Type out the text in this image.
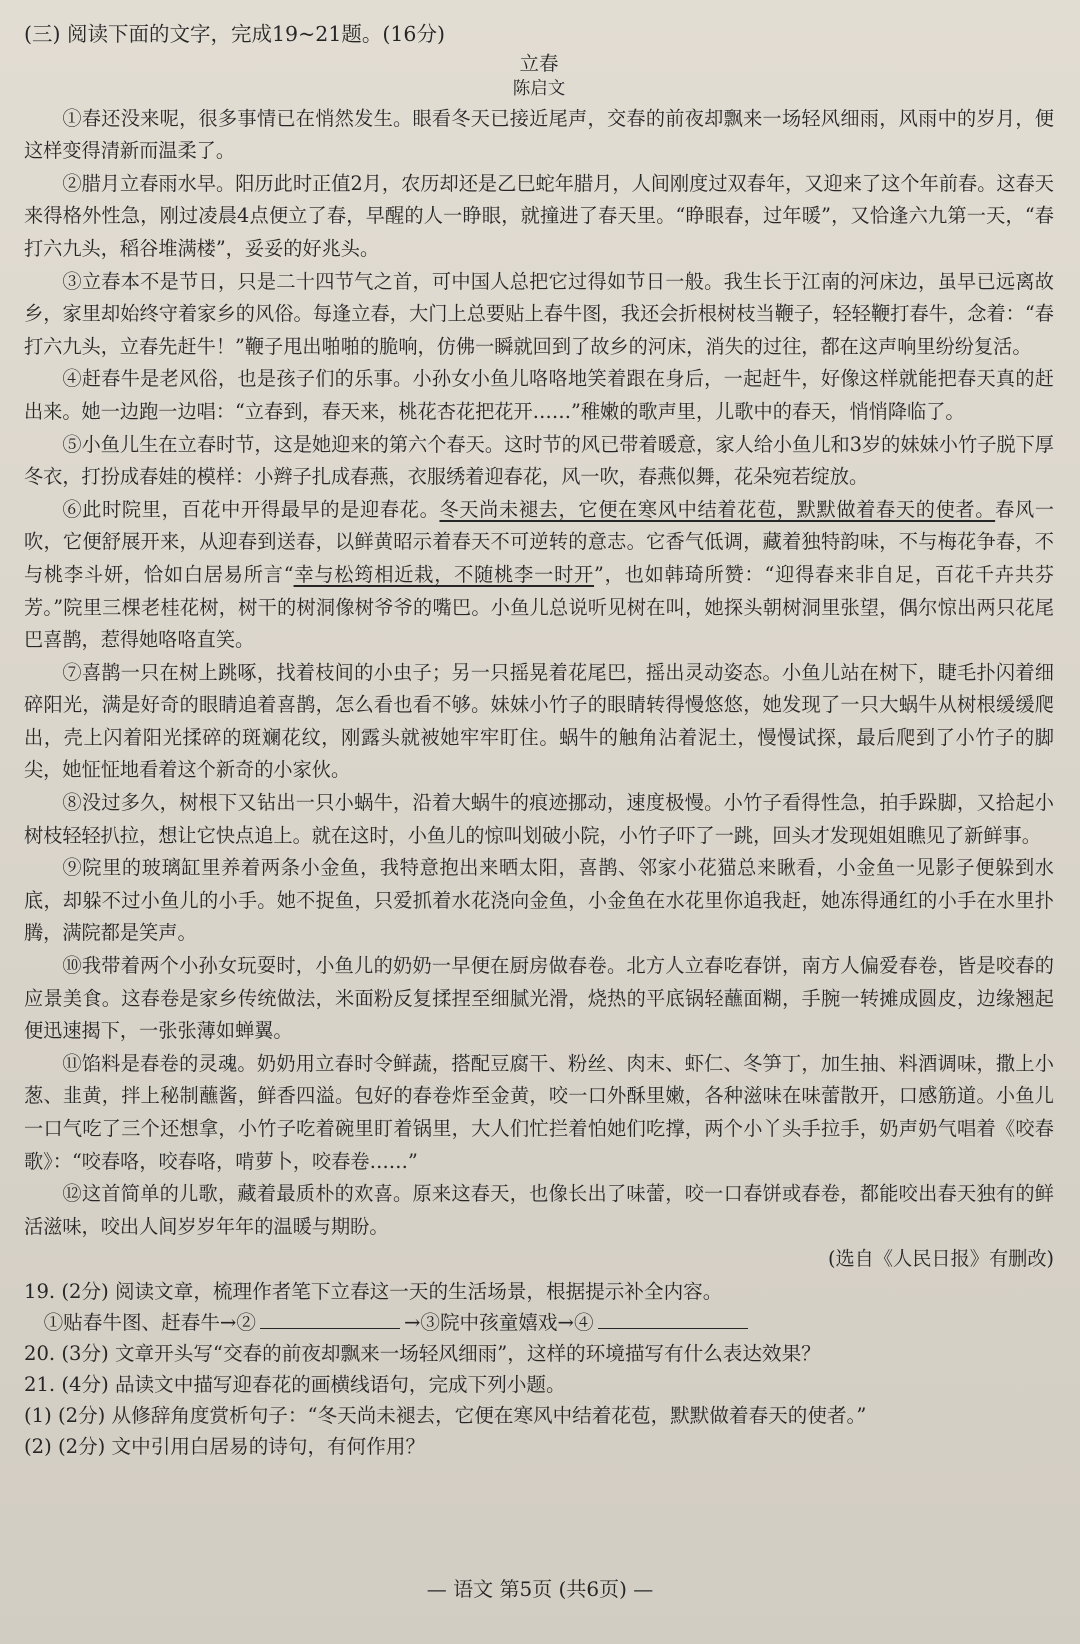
(三) 阅读下面的文字，完成19~21题。(16分)

立春

陈启文

①春还没来呢，很多事情已在悄然发生。眼看冬天已接近尾声，交春的前夜却飘来一场轻风细雨，风雨中的岁月，便这样变得清新而温柔了。

②腊月立春雨水早。阳历此时正值2月，农历却还是乙巳蛇年腊月，人间刚度过双春年，又迎来了这个年前春。这春天来得格外性急，刚过凌晨4点便立了春，早醒的人一睁眼，就撞进了春天里。“睁眼春，过年暖”，又恰逢六九第一天，“春打六九头，稻谷堆满楼”，妥妥的好兆头。

③立春本不是节日，只是二十四节气之首，可中国人总把它过得如节日一般。我生长于江南的河床边，虽早已远离故乡，家里却始终守着家乡的风俗。每逢立春，大门上总要贴上春牛图，我还会折根树枝当鞭子，轻轻鞭打春牛，念着：“春打六九头，立春先赶牛！”鞭子甩出啪啪的脆响，仿佛一瞬就回到了故乡的河床，消失的过往，都在这声响里纷纷复活。

④赶春牛是老风俗，也是孩子们的乐事。小孙女小鱼儿咯咯地笑着跟在身后，一起赶牛，好像这样就能把春天真的赶出来。她一边跑一边唱：“立春到，春天来，桃花杏花把花开……”稚嫩的歌声里，儿歌中的春天，悄悄降临了。

⑤小鱼儿生在立春时节，这是她迎来的第六个春天。这时节的风已带着暖意，家人给小鱼儿和3岁的妹妹小竹子脱下厚冬衣，打扮成春娃的模样：小辫子扎成春燕，衣服绣着迎春花，风一吹，春燕似舞，花朵宛若绽放。

⑥此时院里，百花中开得最早的是迎春花。冬天尚未褪去，它便在寒风中结着花苞，默默做着春天的使者。春风一吹，它便舒展开来，从迎春到送春，以鲜黄昭示着春天不可逆转的意志。它香气低调，藏着独特韵味，不与梅花争春，不与桃李斗妍，恰如白居易所言“幸与松筠相近栽，不随桃李一时开”，也如韩琦所赞：“迎得春来非自足，百花千卉共芬芳。”院里三棵老桂花树，树干的树洞像树爷爷的嘴巴。小鱼儿总说听见树在叫，她探头朝树洞里张望，偶尔惊出两只花尾巴喜鹊，惹得她咯咯直笑。

⑦喜鹊一只在树上跳啄，找着枝间的小虫子；另一只摇晃着花尾巴，摇出灵动姿态。小鱼儿站在树下，睫毛扑闪着细碎阳光，满是好奇的眼睛追着喜鹊，怎么看也看不够。妹妹小竹子的眼睛转得慢悠悠，她发现了一只大蜗牛从树根缓缓爬出，壳上闪着阳光揉碎的斑斓花纹，刚露头就被她牢牢盯住。蜗牛的触角沾着泥土，慢慢试探，最后爬到了小竹子的脚尖，她怔怔地看着这个新奇的小家伙。

⑧没过多久，树根下又钻出一只小蜗牛，沿着大蜗牛的痕迹挪动，速度极慢。小竹子看得性急，拍手跺脚，又拾起小树枝轻轻扒拉，想让它快点追上。就在这时，小鱼儿的惊叫划破小院，小竹子吓了一跳，回头才发现姐姐瞧见了新鲜事。

⑨院里的玻璃缸里养着两条小金鱼，我特意抱出来晒太阳，喜鹊、邻家小花猫总来瞅看，小金鱼一见影子便躲到水底，却躲不过小鱼儿的小手。她不捉鱼，只爱抓着水花浇向金鱼，小金鱼在水花里你追我赶，她冻得通红的小手在水里扑腾，满院都是笑声。

⑩我带着两个小孙女玩耍时，小鱼儿的奶奶一早便在厨房做春卷。北方人立春吃春饼，南方人偏爱春卷，皆是咬春的应景美食。这春卷是家乡传统做法，米面粉反复揉捏至细腻光滑，烧热的平底锅轻蘸面糊，手腕一转摊成圆皮，边缘翘起便迅速揭下，一张张薄如蝉翼。

⑪馅料是春卷的灵魂。奶奶用立春时令鲜蔬，搭配豆腐干、粉丝、肉末、虾仁、冬笋丁，加生抽、料酒调味，撒上小葱、韭黄，拌上秘制蘸酱，鲜香四溢。包好的春卷炸至金黄，咬一口外酥里嫩，各种滋味在味蕾散开，口感筋道。小鱼儿一口气吃了三个还想拿，小竹子吃着碗里盯着锅里，大人们忙拦着怕她们吃撑，两个小丫头手拉手，奶声奶气唱着《咬春歌》：“咬春咯，咬春咯，啃萝卜，咬春卷……”

⑫这首简单的儿歌，藏着最质朴的欢喜。原来这春天，也像长出了味蕾，咬一口春饼或春卷，都能咬出春天独有的鲜活滋味，咬出人间岁岁年年的温暖与期盼。

(选自《人民日报》有删改)

19. (2分) 阅读文章，梳理作者笔下立春这一天的生活场景，根据提示补全内容。

①贴春牛图、赶春牛→②	→③院中孩童嬉戏→④

20. (3分) 文章开头写“交春的前夜却飘来一场轻风细雨”，这样的环境描写有什么表达效果？

21. (4分) 品读文中描写迎春花的画横线语句，完成下列小题。

(1) (2分) 从修辞角度赏析句子：“冬天尚未褪去，它便在寒风中结着花苞，默默做着春天的使者。”

(2) (2分) 文中引用白居易的诗句，有何作用？

— 语文 第5页 (共6页) —
